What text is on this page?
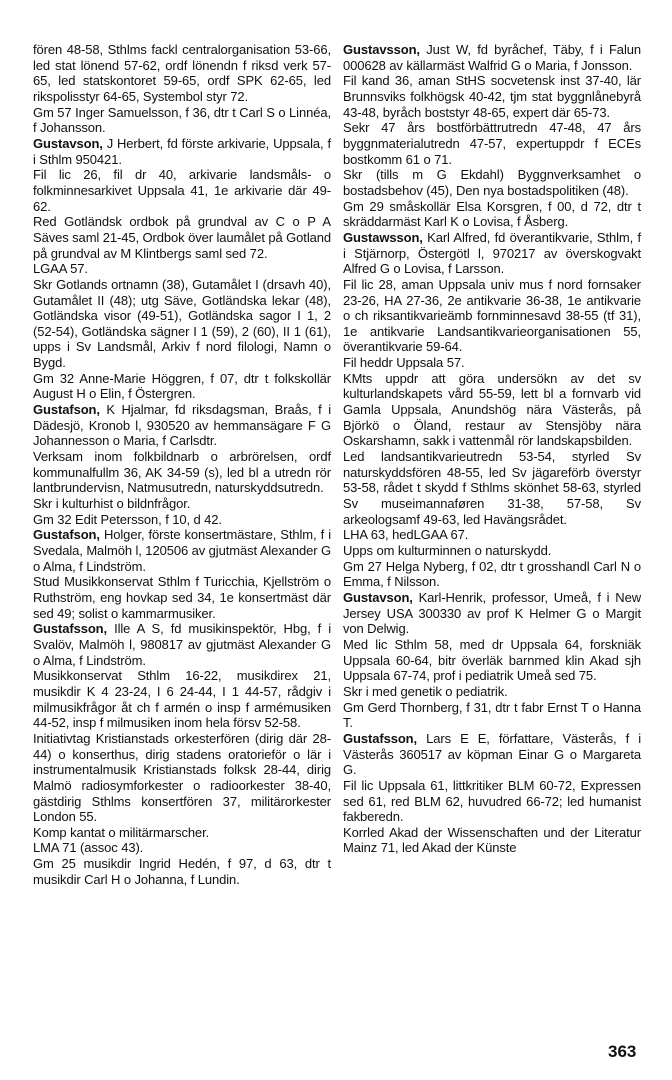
fören 48-58, Sthlms fackl centralorganisation 53-66, led stat lönend 57-62, ordf lönendn f riksd verk 57-65, led statskontoret 59-65, ordf SPK 62-65, led rikspolisstyr 64-65, Systembol styr 72.

Gm 57 Inger Samuelsson, f 36, dtr t Carl S o Linnéa, f Johansson.

Gustavson, J Herbert, fd förste arkivarie, Uppsala, f i Sthlm 950421.

Fil lic 26, fil dr 40, arkivarie landsmåls- o folkminnesarkivet Uppsala 41, 1e arkivarie där 49-62.

Red Gotländsk ordbok på grundval av C o P A Säves saml 21-45, Ordbok över laumålet på Gotland på grundval av M Klintbergs saml sed 72.

LGAA 57.

Skr Gotlands ortnamn (38), Gutamålet I (drsavh 40), Gutamålet II (48); utg Säve, Gotländska lekar (48), Gotländska visor (49-51), Gotländska sagor I 1, 2 (52-54), Gotländska sägner I 1 (59), 2 (60), II 1 (61), upps i Sv Landsmål, Arkiv f nord filologi, Namn o Bygd.

Gm 32 Anne-Marie Höggren, f 07, dtr t folkskollär August H o Elin, f Östergren.

Gustafson, K Hjalmar, fd riksdagsman, Braås, f i Dädesjö, Kronob l, 930520 av hemmansägare F G Johannesson o Maria, f Carlsdtr.

Verksam inom folkbildnarb o arbrörelsen, ordf kommunalfullm 36, AK 34-59 (s), led bl a utredn rör lantbrundervisn, Natmusutredn, naturskyddsutredn.

Skr i kulturhist o bildnfrågor.

Gm 32 Edit Petersson, f 10, d 42.

Gustafson, Holger, förste konsertmästare, Sthlm, f i Svedala, Malmöh l, 120506 av gjutmäst Alexander G o Alma, f Lindström.

Stud Musikkonservat Sthlm f Turicchia, Kjellström o Ruthström, eng hovkap sed 34, 1e konsertmäst där sed 49; solist o kammarmusiker.

Gustafsson, Ille A S, fd musikinspektör, Hbg, f i Svalöv, Malmöh l, 980817 av gjutmäst Alexander G o Alma, f Lindström.

Musikkonservat Sthlm 16-22, musikdirex 21, musikdir K 4 23-24, I 6 24-44, I 1 44-57, rådgiv i milmusikfrågor åt ch f armén o insp f armémusiken 44-52, insp f milmusiken inom hela försv 52-58.

Initiativtag Kristianstads orkesterfören (dirig där 28-44) o konserthus, dirig stadens oratorieför o lär i instrumentalmusik Kristianstads folksk 28-44, dirig Malmö radiosymforkester o radioorkester 38-40, gästdirig Sthlms konsertfören 37, militärorkester London 55.

Komp kantat o militärmarscher.

LMA 71 (assoc 43).

Gm 25 musikdir Ingrid Hedén, f 97, d 63, dtr t musikdir Carl H o Johanna, f Lundin.

Gustavsson, Just W, fd byråchef, Täby, f i Falun 000628 av källarmäst Walfrid G o Maria, f Jonsson.

Fil kand 36, aman StHS socvetensk inst 37-40, lär Brunnsviks folkhögsk 40-42, tjm stat byggnlånebyrå 43-48, byråch boststyr 48-65, expert där 65-73.

Sekr 47 års bostförbättrutredn 47-48, 47 års byggnmaterialutredn 47-57, expertuppdr f ECEs bostkomm 61 o 71.

Skr (tills m G Ekdahl) Byggnverksamhet o bostadsbehov (45), Den nya bostadspolitiken (48).

Gm 29 småskollär Elsa Korsgren, f 00, d 72, dtr t skräddarmäst Karl K o Lovisa, f Åsberg.

Gustawsson, Karl Alfred, fd överantikvarie, Sthlm, f i Stjärnorp, Östergötl l, 970217 av överskogvakt Alfred G o Lovisa, f Larsson.

Fil lic 28, aman Uppsala univ mus f nord fornsaker 23-26, HA 27-36, 2e antikvarie 36-38, 1e antikvarie o ch riksantikvarieämb fornminnesavd 38-55 (tf 31), 1e antikvarie Landsantikvarieorganisationen 55, överantikvarie 59-64.

Fil heddr Uppsala 57.

KMts uppdr att göra undersökn av det sv kulturlandskapets vård 55-59, lett bl a fornvarb vid Gamla Uppsala, Anundshög nära Västerås, på Björkö o Öland, restaur av Stensjöby nära Oskarshamn, sakk i vattenmål rör landskapsbilden.

Led landsantikvarieutredn 53-54, styrled Sv naturskyddsfören 48-55, led Sv jägareförb överstyr 53-58, rådet t skydd f Sthlms skönhet 58-63, styrled Sv museimannaføren 31-38, 57-58, Sv arkeologsamf 49-63, led Havängsrådet.

LHA 63, hedLGAA 67.

Upps om kulturminnen o naturskydd.

Gm 27 Helga Nyberg, f 02, dtr t grosshandl Carl N o Emma, f Nilsson.

Gustavson, Karl-Henrik, professor, Umeå, f i New Jersey USA 300330 av prof K Helmer G o Margit von Delwig.

Med lic Sthlm 58, med dr Uppsala 64, forskniäk Uppsala 60-64, bitr överläk barnmed klin Akad sjh Uppsala 67-74, prof i pediatrik Umeå sed 75.

Skr i med genetik o pediatrik.

Gm Gerd Thornberg, f 31, dtr t fabr Ernst T o Hanna T.

Gustafsson, Lars E E, författare, Västerås, f i Västerås 360517 av köpman Einar G o Margareta G.

Fil lic Uppsala 61, littkritiker BLM 60-72, Expressen sed 61, red BLM 62, huvudred 66-72; led humanist fakberedn.

Korrled Akad der Wissenschaften und der Literatur Mainz 71, led Akad der Künste

363
